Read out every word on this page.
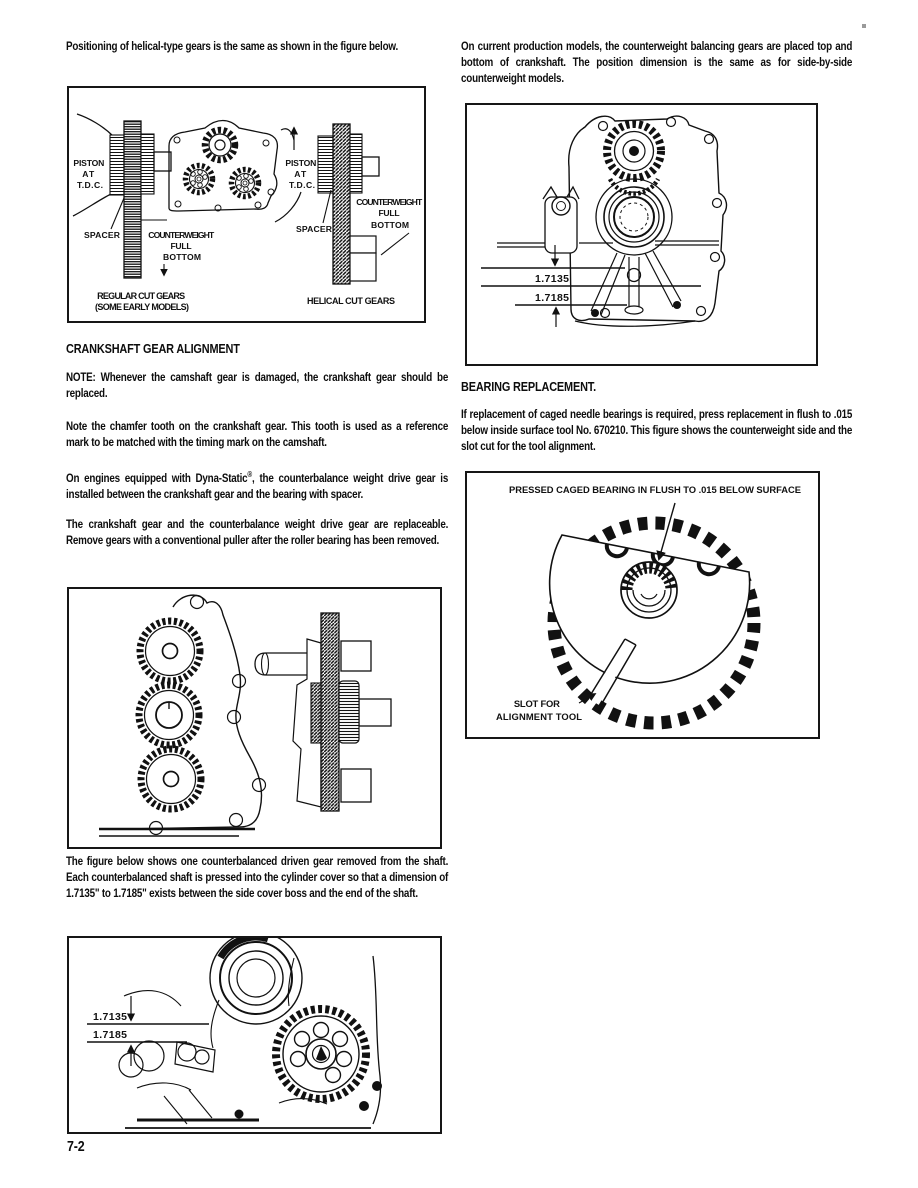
Positioning of helical-type gears is the same as shown in the figure below.

PISTON AT T.D.C.
SPACER	COUNTERWEIGHT FULL BOTTOM
REGULAR CUT GEARS (SOME EARLY MODELS)
PISTON AT T.D.C.
SPACER
COUNTERWEIGHT FULL BOTTOM
HELICAL CUT GEARS
CRANKSHAFT GEAR ALIGNMENT

NOTE: Whenever the camshaft gear is damaged, the crankshaft gear should be replaced.

Note the chamfer tooth on the crankshaft gear. This tooth is used as a reference mark to be matched with the timing mark on the camshaft.

On engines equipped with Dyna-Static®, the counterbalance weight drive gear is installed between the crankshaft gear and the bearing with spacer.

The crankshaft gear and the counterbalance weight drive gear are replaceable. Remove gears with a conventional puller after the roller bearing has been removed.

The figure below shows one counterbalanced driven gear removed from the shaft. Each counterbalanced shaft is pressed into the cylinder cover so that a dimension of 1.7135" to 1.7185" exists between the side cover boss and the end of the shaft.

1.7135
1.7185
7-2

On current production models, the counterweight balancing gears are placed top and bottom of crankshaft. The position dimension is the same as for side-by-side counterweight models.

1.7135
1.7185
BEARING REPLACEMENT.

If replacement of caged needle bearings is required, press replacement in flush to .015 below inside surface tool No. 670210. This figure shows the counterweight side and the slot cut for the tool alignment.

PRESSED CAGED BEARING IN FLUSH TO .015 BELOW SURFACE
SLOT FOR ALIGNMENT TOOL
